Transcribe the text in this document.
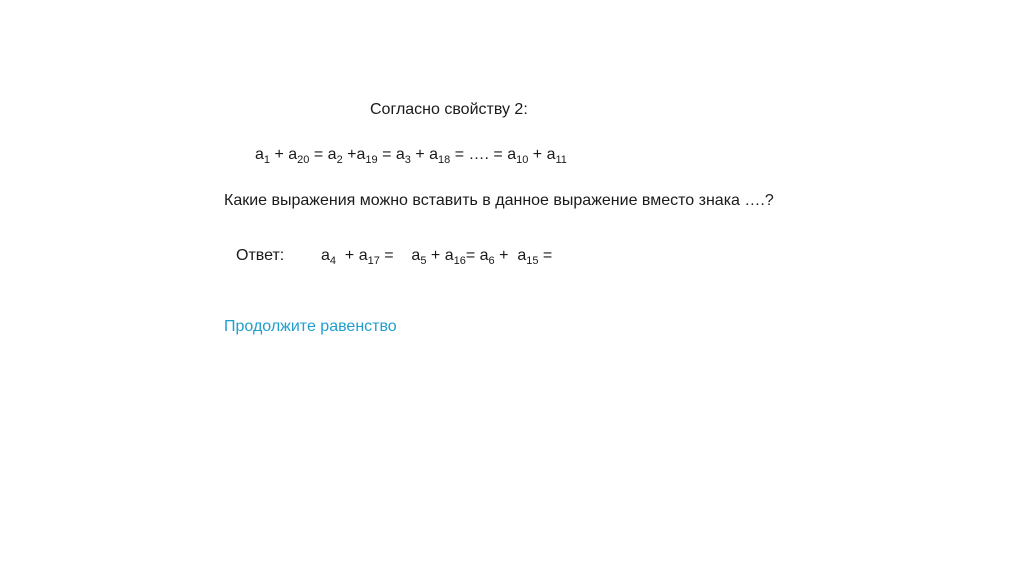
Согласно свойству 2:
$a_1 + a_{20} = a_2 +a_{19} = a_3 + a_{18}$ = …. = $a_{10} + a_{11}$
Какие выражения можно вставить в данное выражение вместо знака ….?
Ответ: $a_4 + a_{17}$ =    $a_5 + a_{16}= a_6 + a_{15}$ =
Продолжите равенство
